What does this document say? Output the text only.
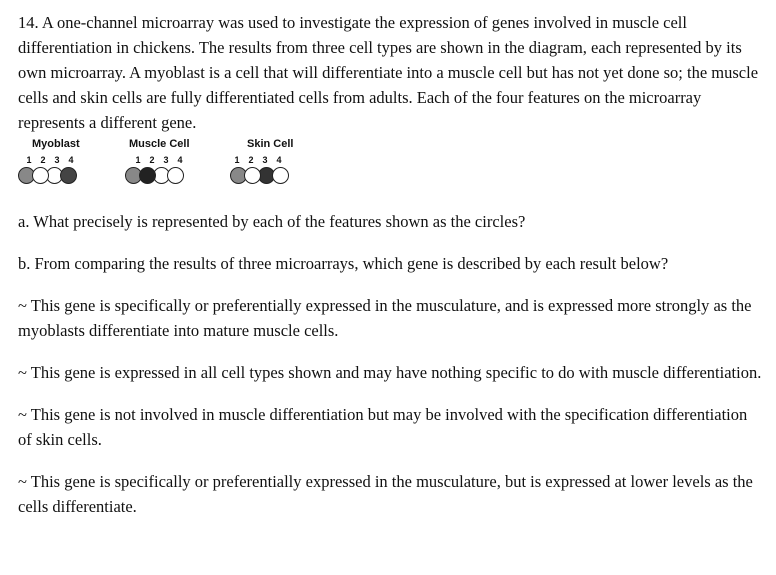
14. A one-channel microarray was used to investigate the expression of genes involved in muscle cell differentiation in chickens. The results from three cell types are shown in the diagram, each represented by its own microarray. A myoblast is a cell that will differentiate into a muscle cell but has not yet done so; the muscle cells and skin cells are fully differentiated cells from adults. Each of the four features on the microarray represents a different gene.

Myoblast
1 2 3 4
Muscle Cell
1 2 3 4
Skin Cell
1 2 3 4

a. What precisely is represented by each of the features shown as the circles?

b. From comparing the results of three microarrays, which gene is described by each result below?

~ This gene is specifically or preferentially expressed in the musculature, and is expressed more strongly as the myoblasts differentiate into mature muscle cells.

~ This gene is expressed in all cell types shown and may have nothing specific to do with muscle differentiation.

~ This gene is not involved in muscle differentiation but may be involved with the specification differentiation of skin cells.

~ This gene is specifically or preferentially expressed in the musculature, but is expressed at lower levels as the cells differentiate.
